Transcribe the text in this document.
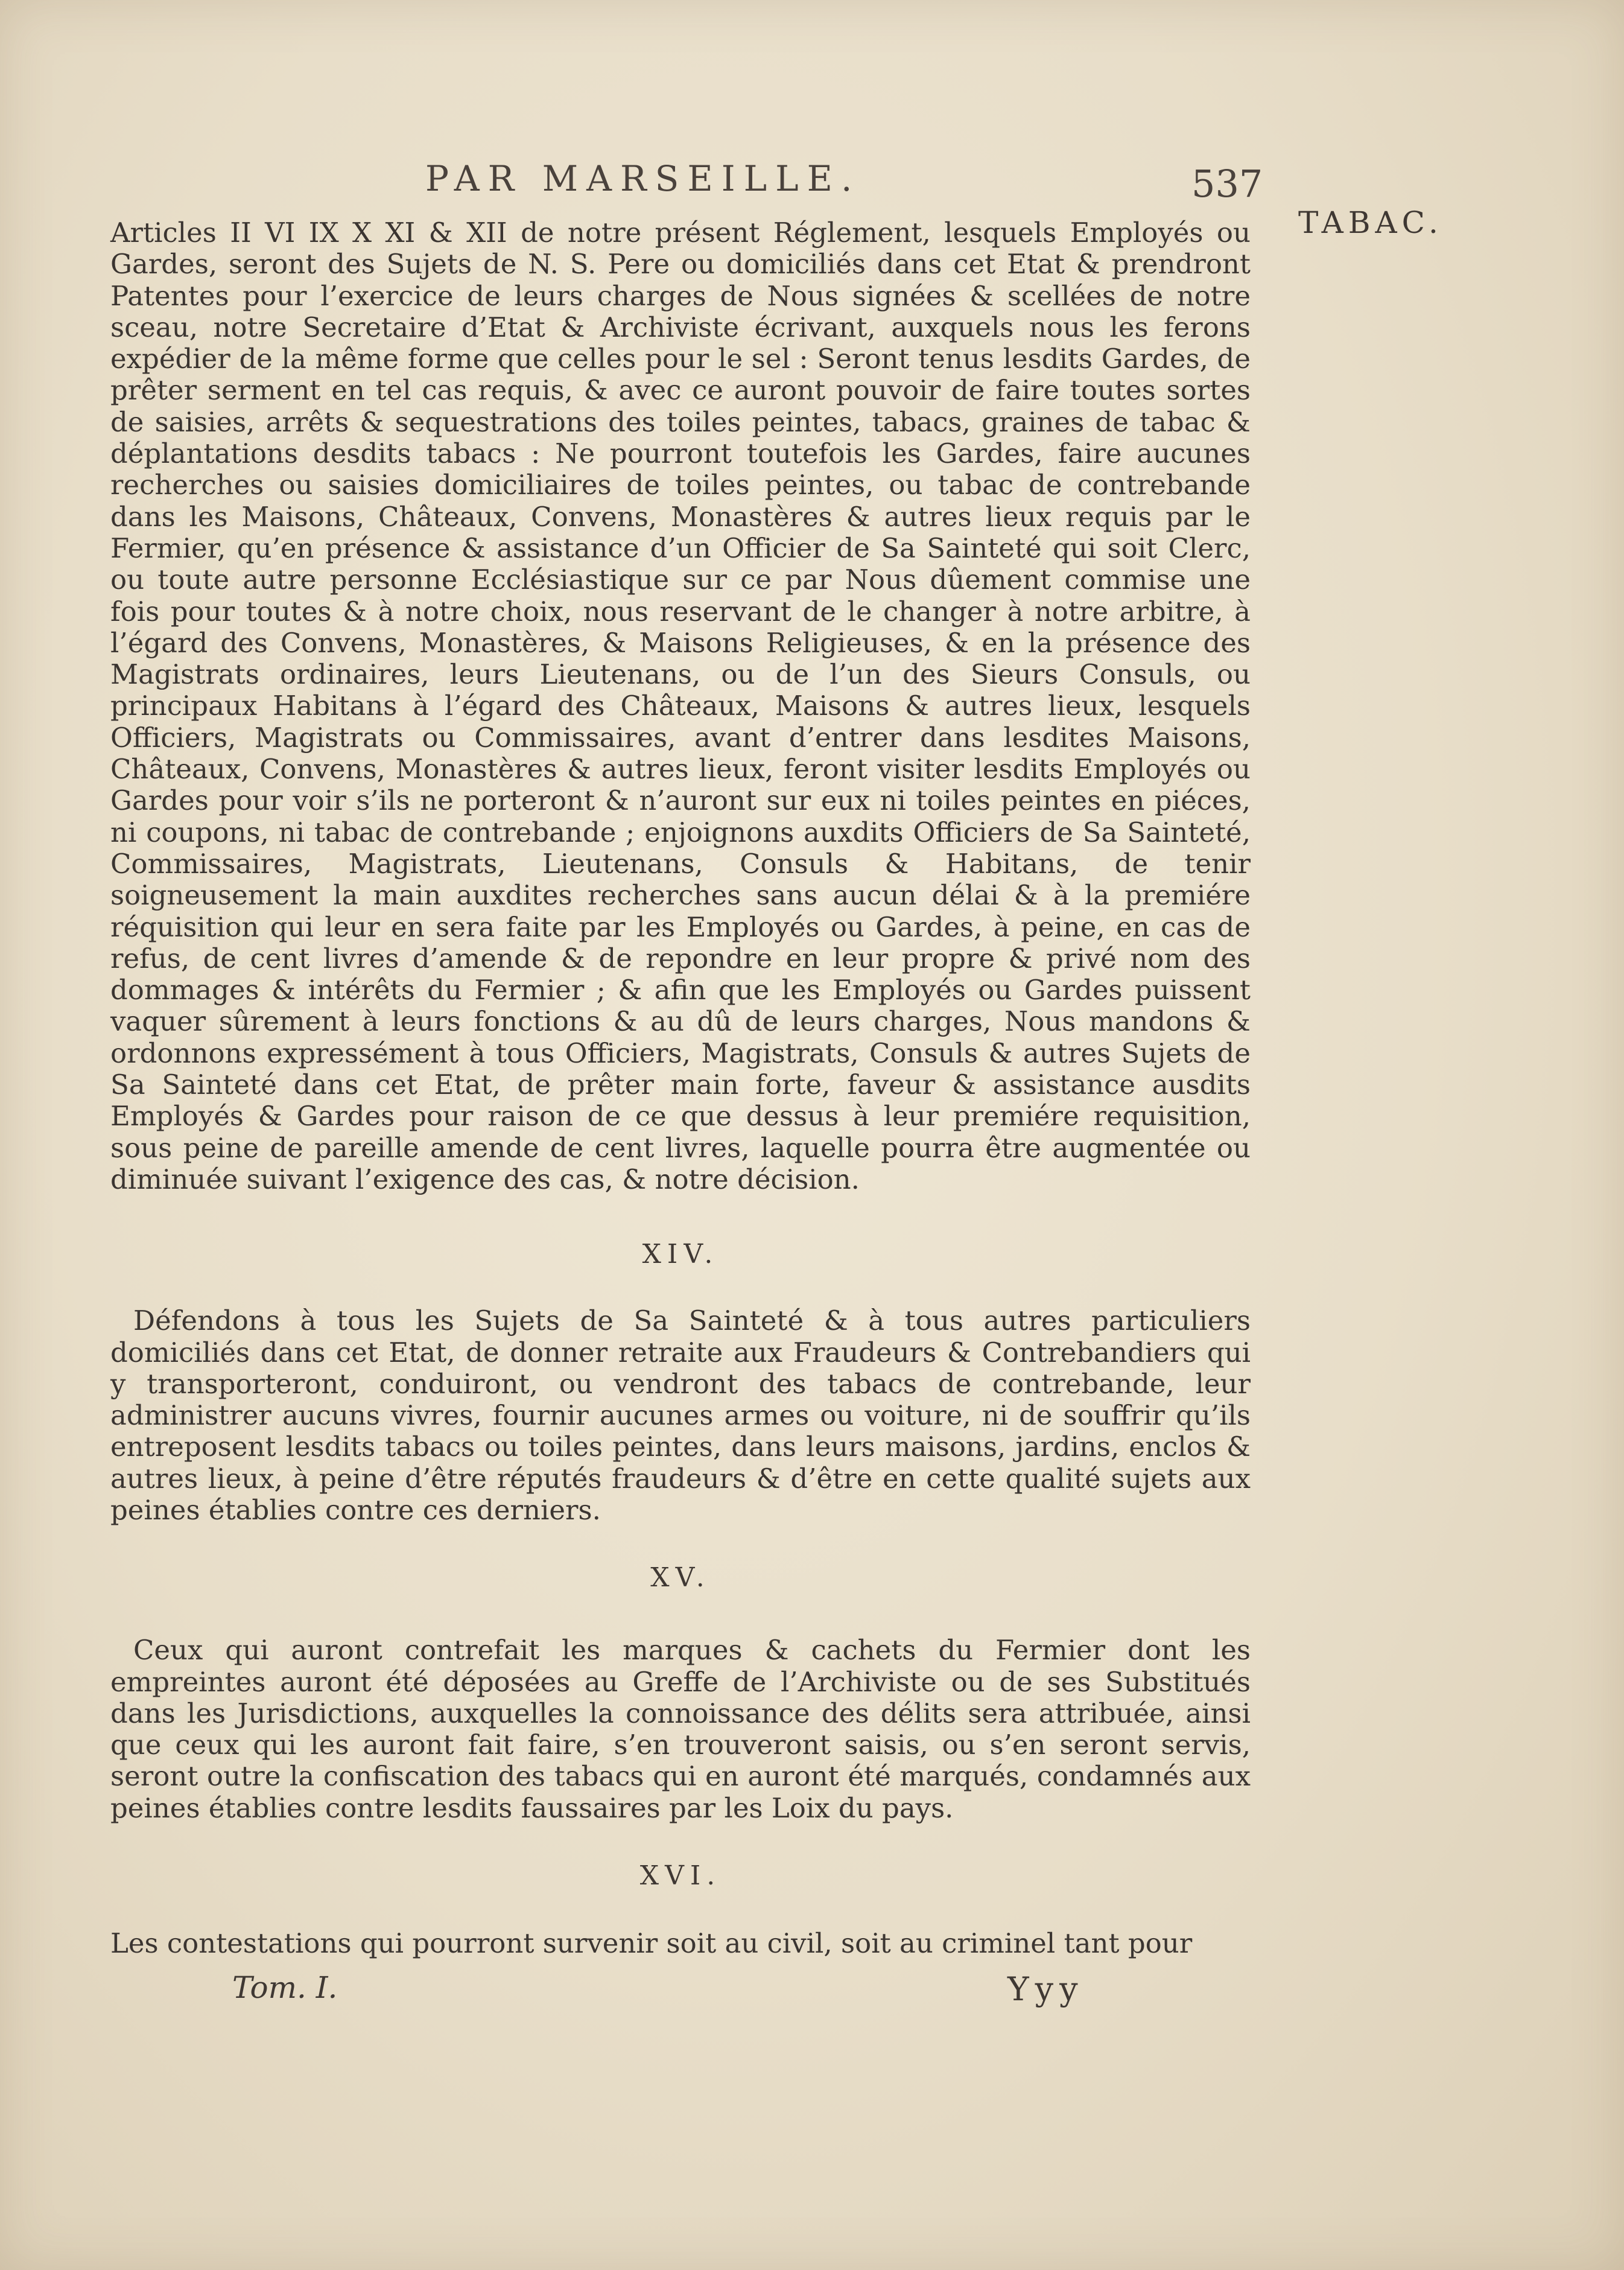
PAR MARSEILLE.	537
TABAC.

Articles II VI IX X XI & XII de notre présent Réglement, lesquels Employés ou Gardes, seront des Sujets de N. S. Pere ou domiciliés dans cet Etat & prendront Patentes pour l’exercice de leurs charges de Nous signées & scellées de notre sceau, notre Secretaire d’Etat & Archiviste écrivant, auxquels nous les ferons expédier de la même forme que celles pour le sel : Seront tenus lesdits Gardes, de prêter serment en tel cas requis, & avec ce auront pouvoir de faire toutes sortes de saisies, arrêts & sequestrations des toiles peintes, tabacs, graines de tabac & déplantations desdits tabacs : Ne pourront toutefois les Gardes, faire aucunes recherches ou saisies domiciliaires de toiles peintes, ou tabac de contrebande dans les Maisons, Châteaux, Convens, Monastères & autres lieux requis par le Fermier, qu’en présence & assistance d’un Officier de Sa Sainteté qui soit Clerc, ou toute autre personne Ecclésiastique sur ce par Nous dûement commise une fois pour toutes & à notre choix, nous reservant de le changer à notre arbitre, à l’égard des Convens, Monastères, & Maisons Religieuses, & en la présence des Magistrats ordinaires, leurs Lieutenans, ou de l’un des Sieurs Consuls, ou principaux Habitans à l’égard des Châteaux, Maisons & autres lieux, lesquels Officiers, Magistrats ou Commissaires, avant d’entrer dans lesdites Maisons, Châteaux, Convens, Monastères & autres lieux, feront visiter lesdits Employés ou Gardes pour voir s’ils ne porteront & n’auront sur eux ni toiles peintes en piéces, ni coupons, ni tabac de contrebande ; enjoignons auxdits Officiers de Sa Sainteté, Commissaires, Magistrats, Lieutenans, Consuls & Habitans, de tenir soigneusement la main auxdites recherches sans aucun délai & à la premiére réquisition qui leur en sera faite par les Employés ou Gardes, à peine, en cas de refus, de cent livres d’amende & de repondre en leur propre & privé nom des dommages & intérêts du Fermier ; & afin que les Employés ou Gardes puissent vaquer sûrement à leurs fonctions & au dû de leurs charges, Nous mandons & ordonnons expressément à tous Officiers, Magistrats, Consuls & autres Sujets de Sa Sainteté dans cet Etat, de prêter main forte, faveur & assistance ausdits Employés & Gardes pour raison de ce que dessus à leur premiére requisition, sous peine de pareille amende de cent livres, laquelle pourra être augmentée ou diminuée suivant l’exigence des cas, & notre décision.

XIV.

Défendons à tous les Sujets de Sa Sainteté & à tous autres particuliers domiciliés dans cet Etat, de donner retraite aux Fraudeurs & Contrebandiers qui y transporteront, conduiront, ou vendront des tabacs de contrebande, leur administrer aucuns vivres, fournir aucunes armes ou voiture, ni de souffrir qu’ils entreposent lesdits tabacs ou toiles peintes, dans leurs maisons, jardins, enclos & autres lieux, à peine d’être réputés fraudeurs & d’être en cette qualité sujets aux peines établies contre ces derniers.

XV.

Ceux qui auront contrefait les marques & cachets du Fermier dont les empreintes auront été déposées au Greffe de l’Archiviste ou de ses Substitués dans les Jurisdictions, auxquelles la connoissance des délits sera attribuée, ainsi que ceux qui les auront fait faire, s’en trouveront saisis, ou s’en seront servis, seront outre la confiscation des tabacs qui en auront été marqués, condamnés aux peines établies contre lesdits faussaires par les Loix du pays.

XVI.

Les contestations qui pourront survenir soit au civil, soit au criminel tant pour

Tom. I.	Yyy
